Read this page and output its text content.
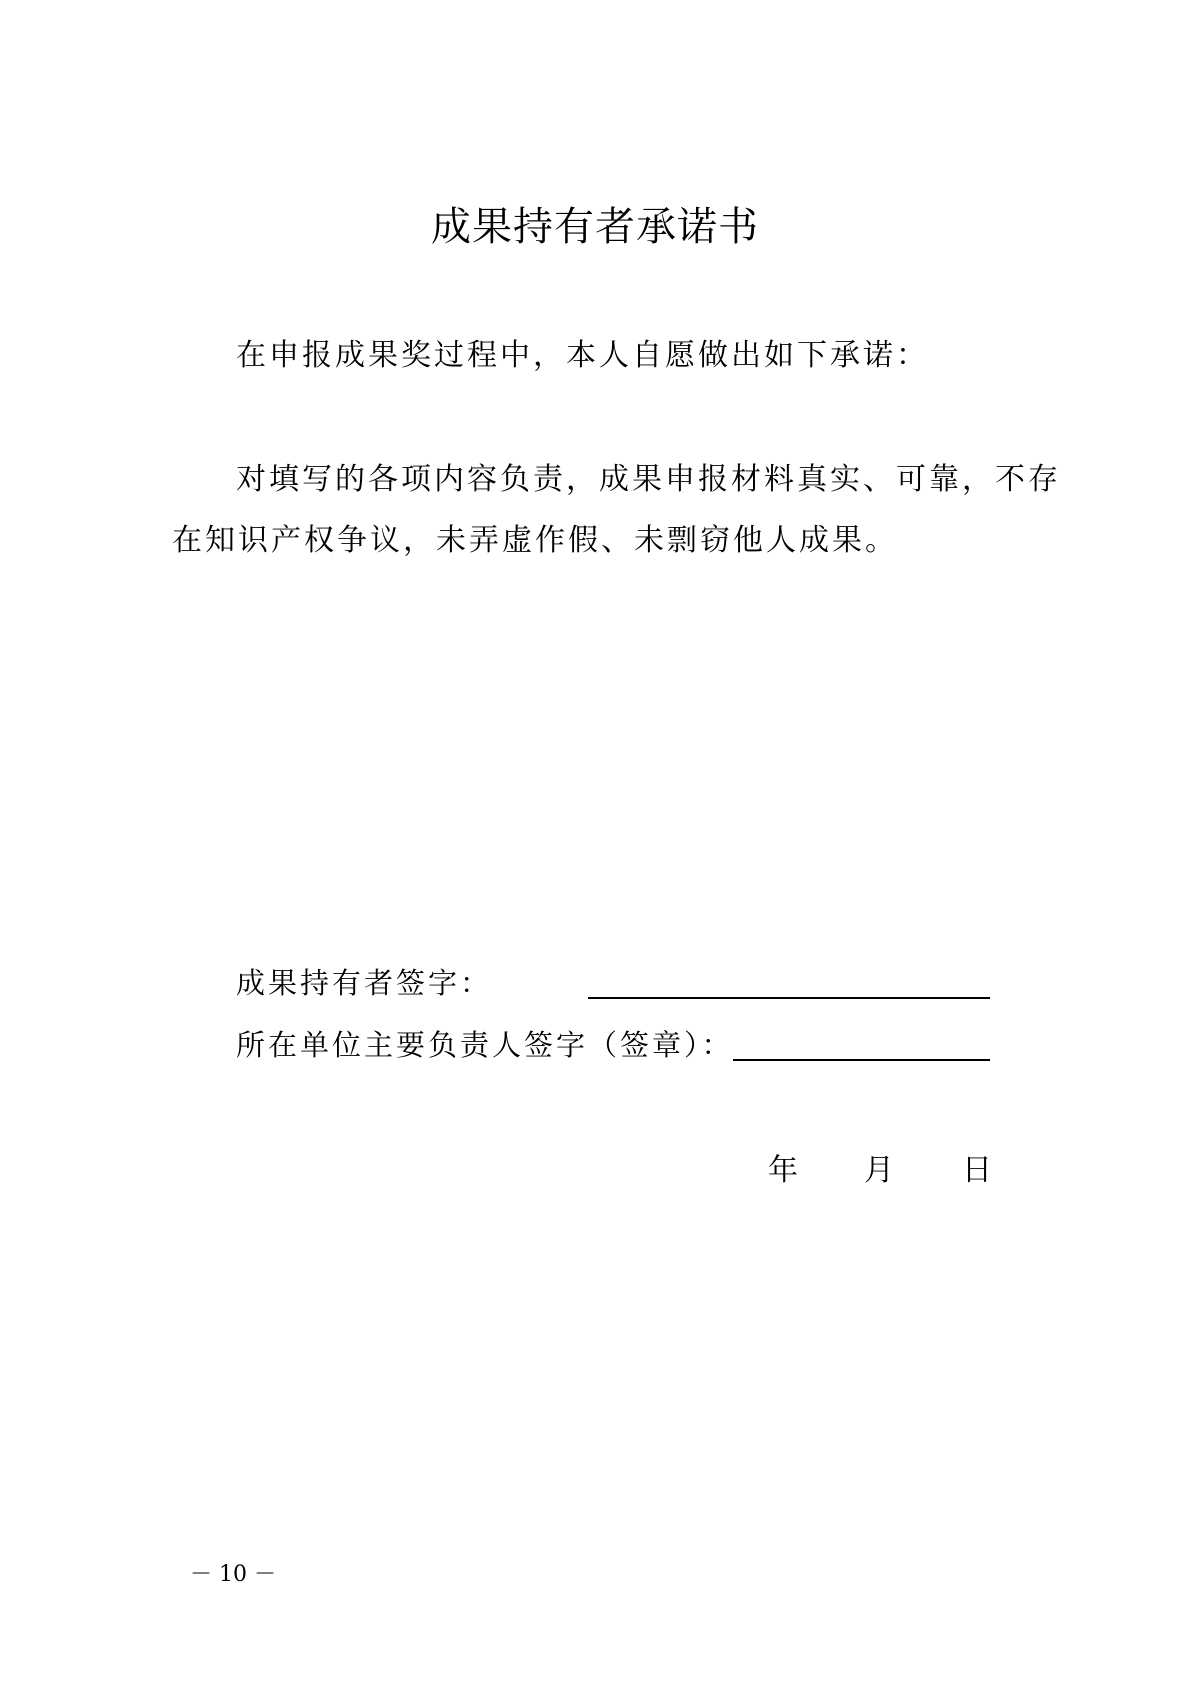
成果持有者承诺书
在申报成果奖过程中，本人自愿做出如下承诺：
对填写的各项内容负责，成果申报材料真实、可靠，不存
在知识产权争议，未弄虚作假、未剽窃他人成果。
成果持有者签字：
所在单位主要负责人签字（签章）：
年 月 日
－ 10 －
